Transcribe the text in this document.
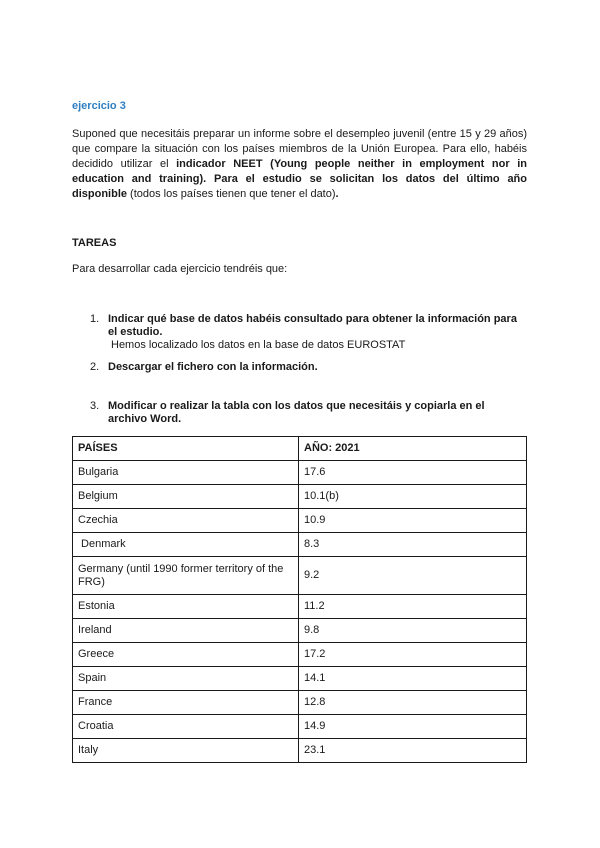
ejercicio 3

Suponed que necesitáis preparar un informe sobre el desempleo juvenil (entre 15 y 29 años) que compare la situación con los países miembros de la Unión Europea. Para ello, habéis decidido utilizar el indicador NEET (Young people neither in employment nor in education and training). Para el estudio se solicitan los datos del último año disponible (todos los países tienen que tener el dato).

TAREAS

Para desarrollar cada ejercicio tendréis que:

1. Indicar qué base de datos habéis consultado para obtener la información para el estudio.
Hemos localizado los datos en la base de datos EUROSTAT
2. Descargar el fichero con la información.
3. Modificar o realizar la tabla con los datos que necesitáis y copiarla en el archivo Word.
PAÍSES	AÑO: 2021
Bulgaria	17.6
Belgium	10.1(b)
Czechia	10.9
Denmark	8.3
Germany (until 1990 former territory of the FRG)	9.2
Estonia	11.2
Ireland	9.8
Greece	17.2
Spain	14.1
France	12.8
Croatia	14.9
Italy	23.1
